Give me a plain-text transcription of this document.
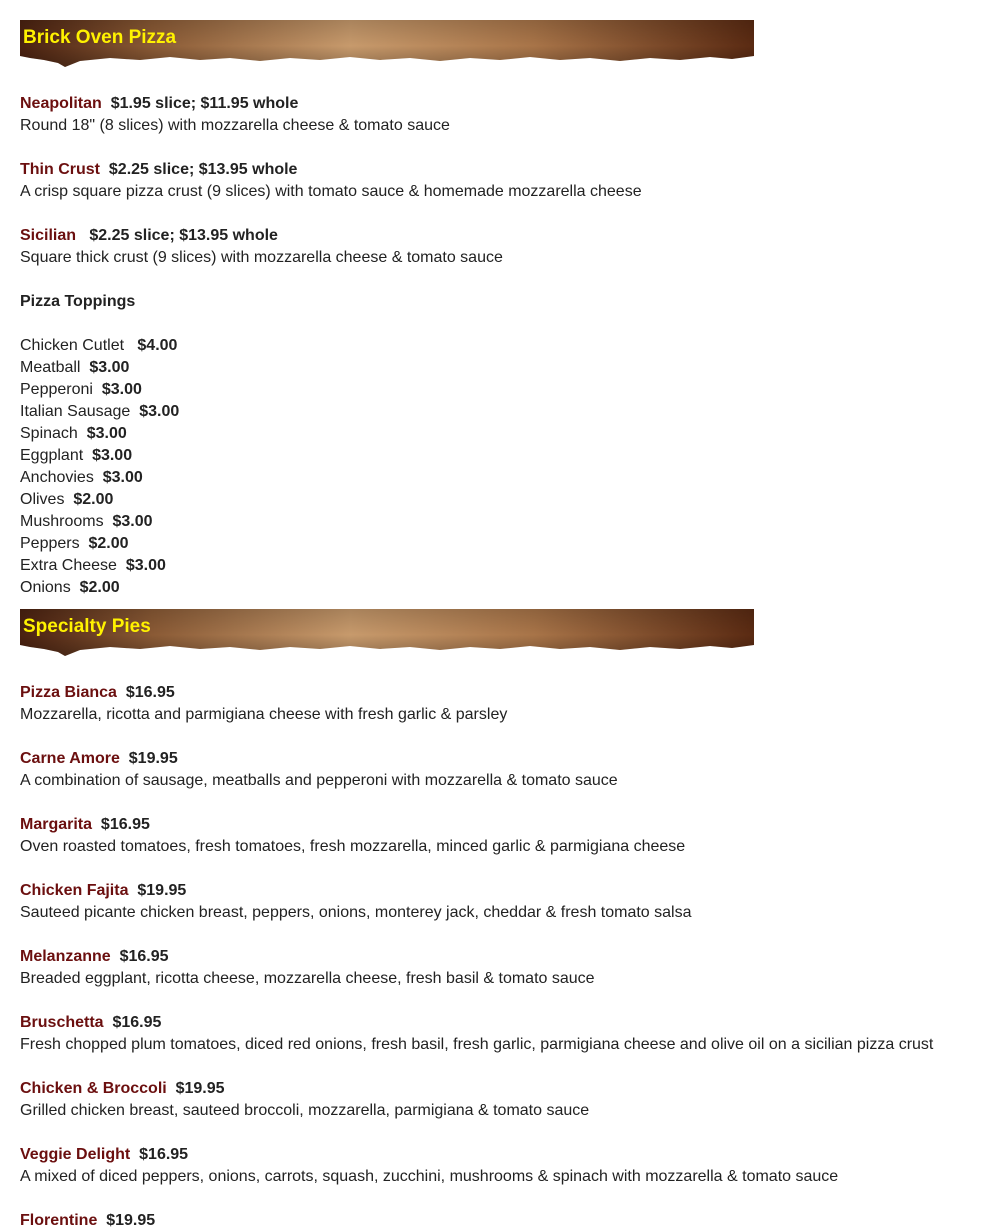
Brick Oven Pizza
Neapolitan $1.95 slice; $11.95 whole
Round 18" (8 slices) with mozzarella cheese & tomato sauce
Thin Crust $2.25 slice; $13.95 whole
A crisp square pizza crust (9 slices) with tomato sauce & homemade mozzarella cheese
Sicilian $2.25 slice; $13.95 whole
Square thick crust (9 slices) with mozzarella cheese & tomato sauce
Pizza Toppings
Chicken Cutlet $4.00
Meatball $3.00
Pepperoni $3.00
Italian Sausage $3.00
Spinach $3.00
Eggplant $3.00
Anchovies $3.00
Olives $2.00
Mushrooms $3.00
Peppers $2.00
Extra Cheese $3.00
Onions $2.00
Specialty Pies
Pizza Bianca $16.95
Mozzarella, ricotta and parmigiana cheese with fresh garlic & parsley
Carne Amore $19.95
A combination of sausage, meatballs and pepperoni with mozzarella & tomato sauce
Margarita $16.95
Oven roasted tomatoes, fresh tomatoes, fresh mozzarella, minced garlic & parmigiana cheese
Chicken Fajita $19.95
Sauteed picante chicken breast, peppers, onions, monterey jack, cheddar & fresh tomato salsa
Melanzanne $16.95
Breaded eggplant, ricotta cheese, mozzarella cheese, fresh basil & tomato sauce
Bruschetta $16.95
Fresh chopped plum tomatoes, diced red onions, fresh basil, fresh garlic, parmigiana cheese and olive oil on a sicilian pizza crust
Chicken & Broccoli $19.95
Grilled chicken breast, sauteed broccoli, mozzarella, parmigiana & tomato sauce
Veggie Delight $16.95
A mixed of diced peppers, onions, carrots, squash, zucchini, mushrooms & spinach with mozzarella & tomato sauce
Florentine $19.95
